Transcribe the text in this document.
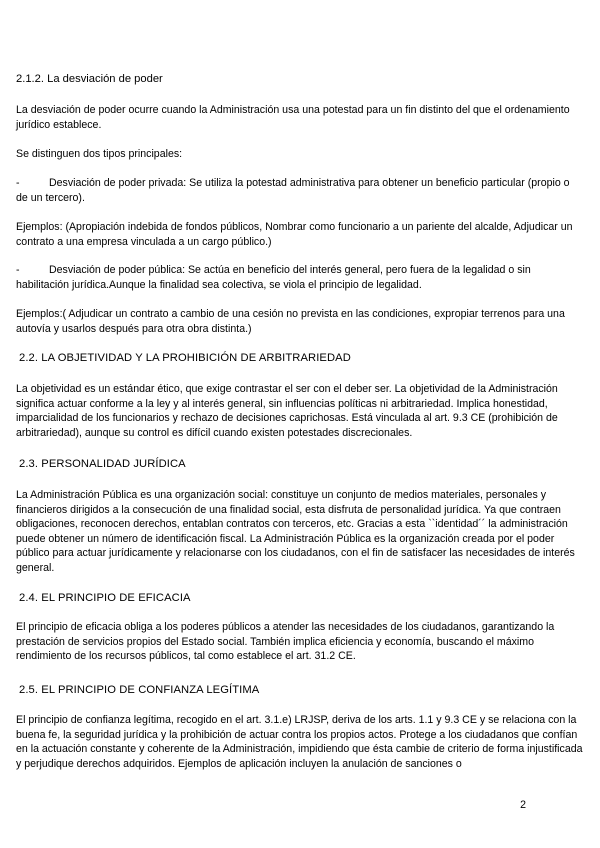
2.1.2. La desviación de poder

La desviación de poder ocurre cuando la Administración usa una potestad para un fin distinto del que el ordenamiento jurídico establece.

Se distinguen dos tipos principales:

-	Desviación de poder privada: Se utiliza la potestad administrativa para obtener un beneficio particular (propio o de un tercero).

Ejemplos: (Apropiación indebida de fondos públicos, Nombrar como funcionario a un pariente del alcalde, Adjudicar un contrato a una empresa vinculada a un cargo público.)

-	Desviación de poder pública: Se actúa en beneficio del interés general, pero fuera de la legalidad o sin habilitación jurídica.Aunque la finalidad sea colectiva, se viola el principio de legalidad.

Ejemplos:( Adjudicar un contrato a cambio de una cesión no prevista en las condiciones, expropiar terrenos para una autovía y usarlos después para otra obra distinta.)

2.2. LA OBJETIVIDAD Y LA PROHIBICIÓN DE ARBITRARIEDAD

La objetividad es un estándar ético, que exige contrastar el ser con el deber ser. La objetividad de la Administración significa actuar conforme a la ley y al interés general, sin influencias políticas ni arbitrariedad. Implica honestidad, imparcialidad de los funcionarios y rechazo de decisiones caprichosas. Está vinculada al art. 9.3 CE (prohibición de arbitrariedad), aunque su control es difícil cuando existen potestades discrecionales.

2.3. PERSONALIDAD JURÍDICA

La Administración Pública es una organización social: constituye un conjunto de medios materiales, personales y financieros dirigidos a la consecución de una finalidad social, esta disfruta de personalidad jurídica. Ya que contraen obligaciones, reconocen derechos, entablan contratos con terceros, etc. Gracias a esta ``identidad´´ la administración puede obtener un número de identificación fiscal. La Administración Pública es la organización creada por el poder público para actuar jurídicamente y relacionarse con los ciudadanos, con el fin de satisfacer las necesidades de interés general.

2.4. EL PRINCIPIO DE EFICACIA

El principio de eficacia obliga a los poderes públicos a atender las necesidades de los ciudadanos, garantizando la prestación de servicios propios del Estado social. También implica eficiencia y economía, buscando el máximo rendimiento de los recursos públicos, tal como establece el art. 31.2 CE.

2.5. EL PRINCIPIO DE CONFIANZA LEGÍTIMA

El principio de confianza legítima, recogido en el art. 3.1.e) LRJSP, deriva de los arts. 1.1 y 9.3 CE y se relaciona con la buena fe, la seguridad jurídica y la prohibición de actuar contra los propios actos. Protege a los ciudadanos que confían en la actuación constante y coherente de la Administración, impidiendo que ésta cambie de criterio de forma injustificada y perjudique derechos adquiridos. Ejemplos de aplicación incluyen la anulación de sanciones o

2
